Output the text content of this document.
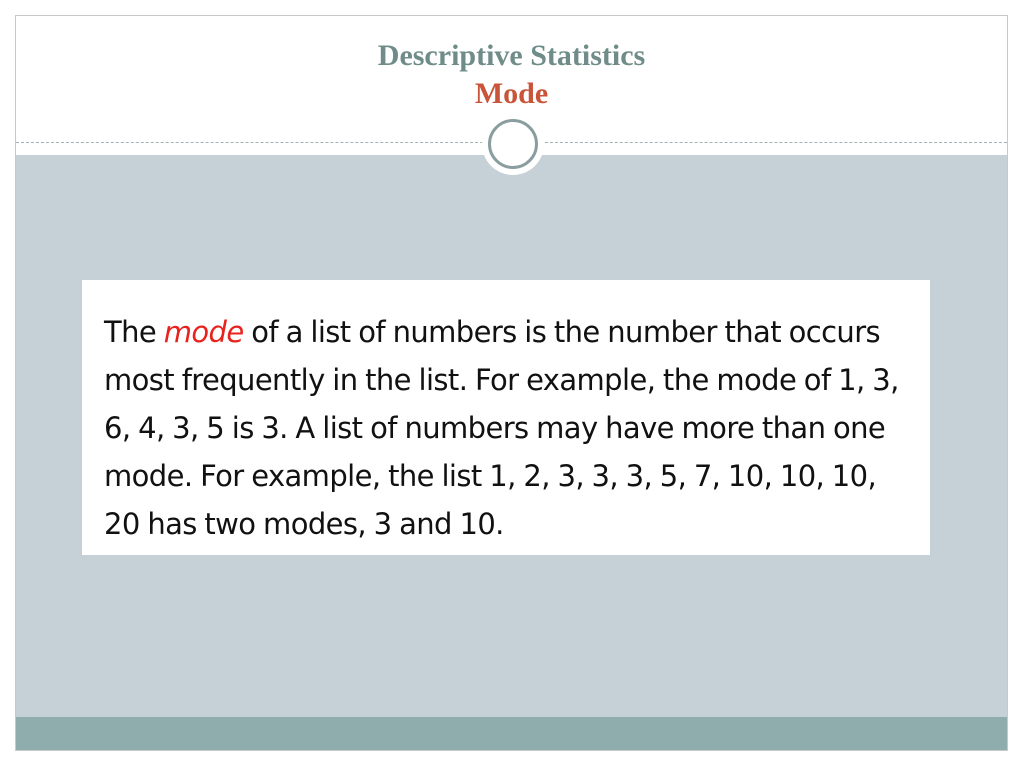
Descriptive Statistics
Mode

The mode of a list of numbers is the number that occurs most frequently in the list. For example, the mode of 1, 3, 6, 4, 3, 5 is 3. A list of numbers may have more than one mode. For example, the list 1, 2, 3, 3, 3, 5, 7, 10, 10, 10, 20 has two modes, 3 and 10.
